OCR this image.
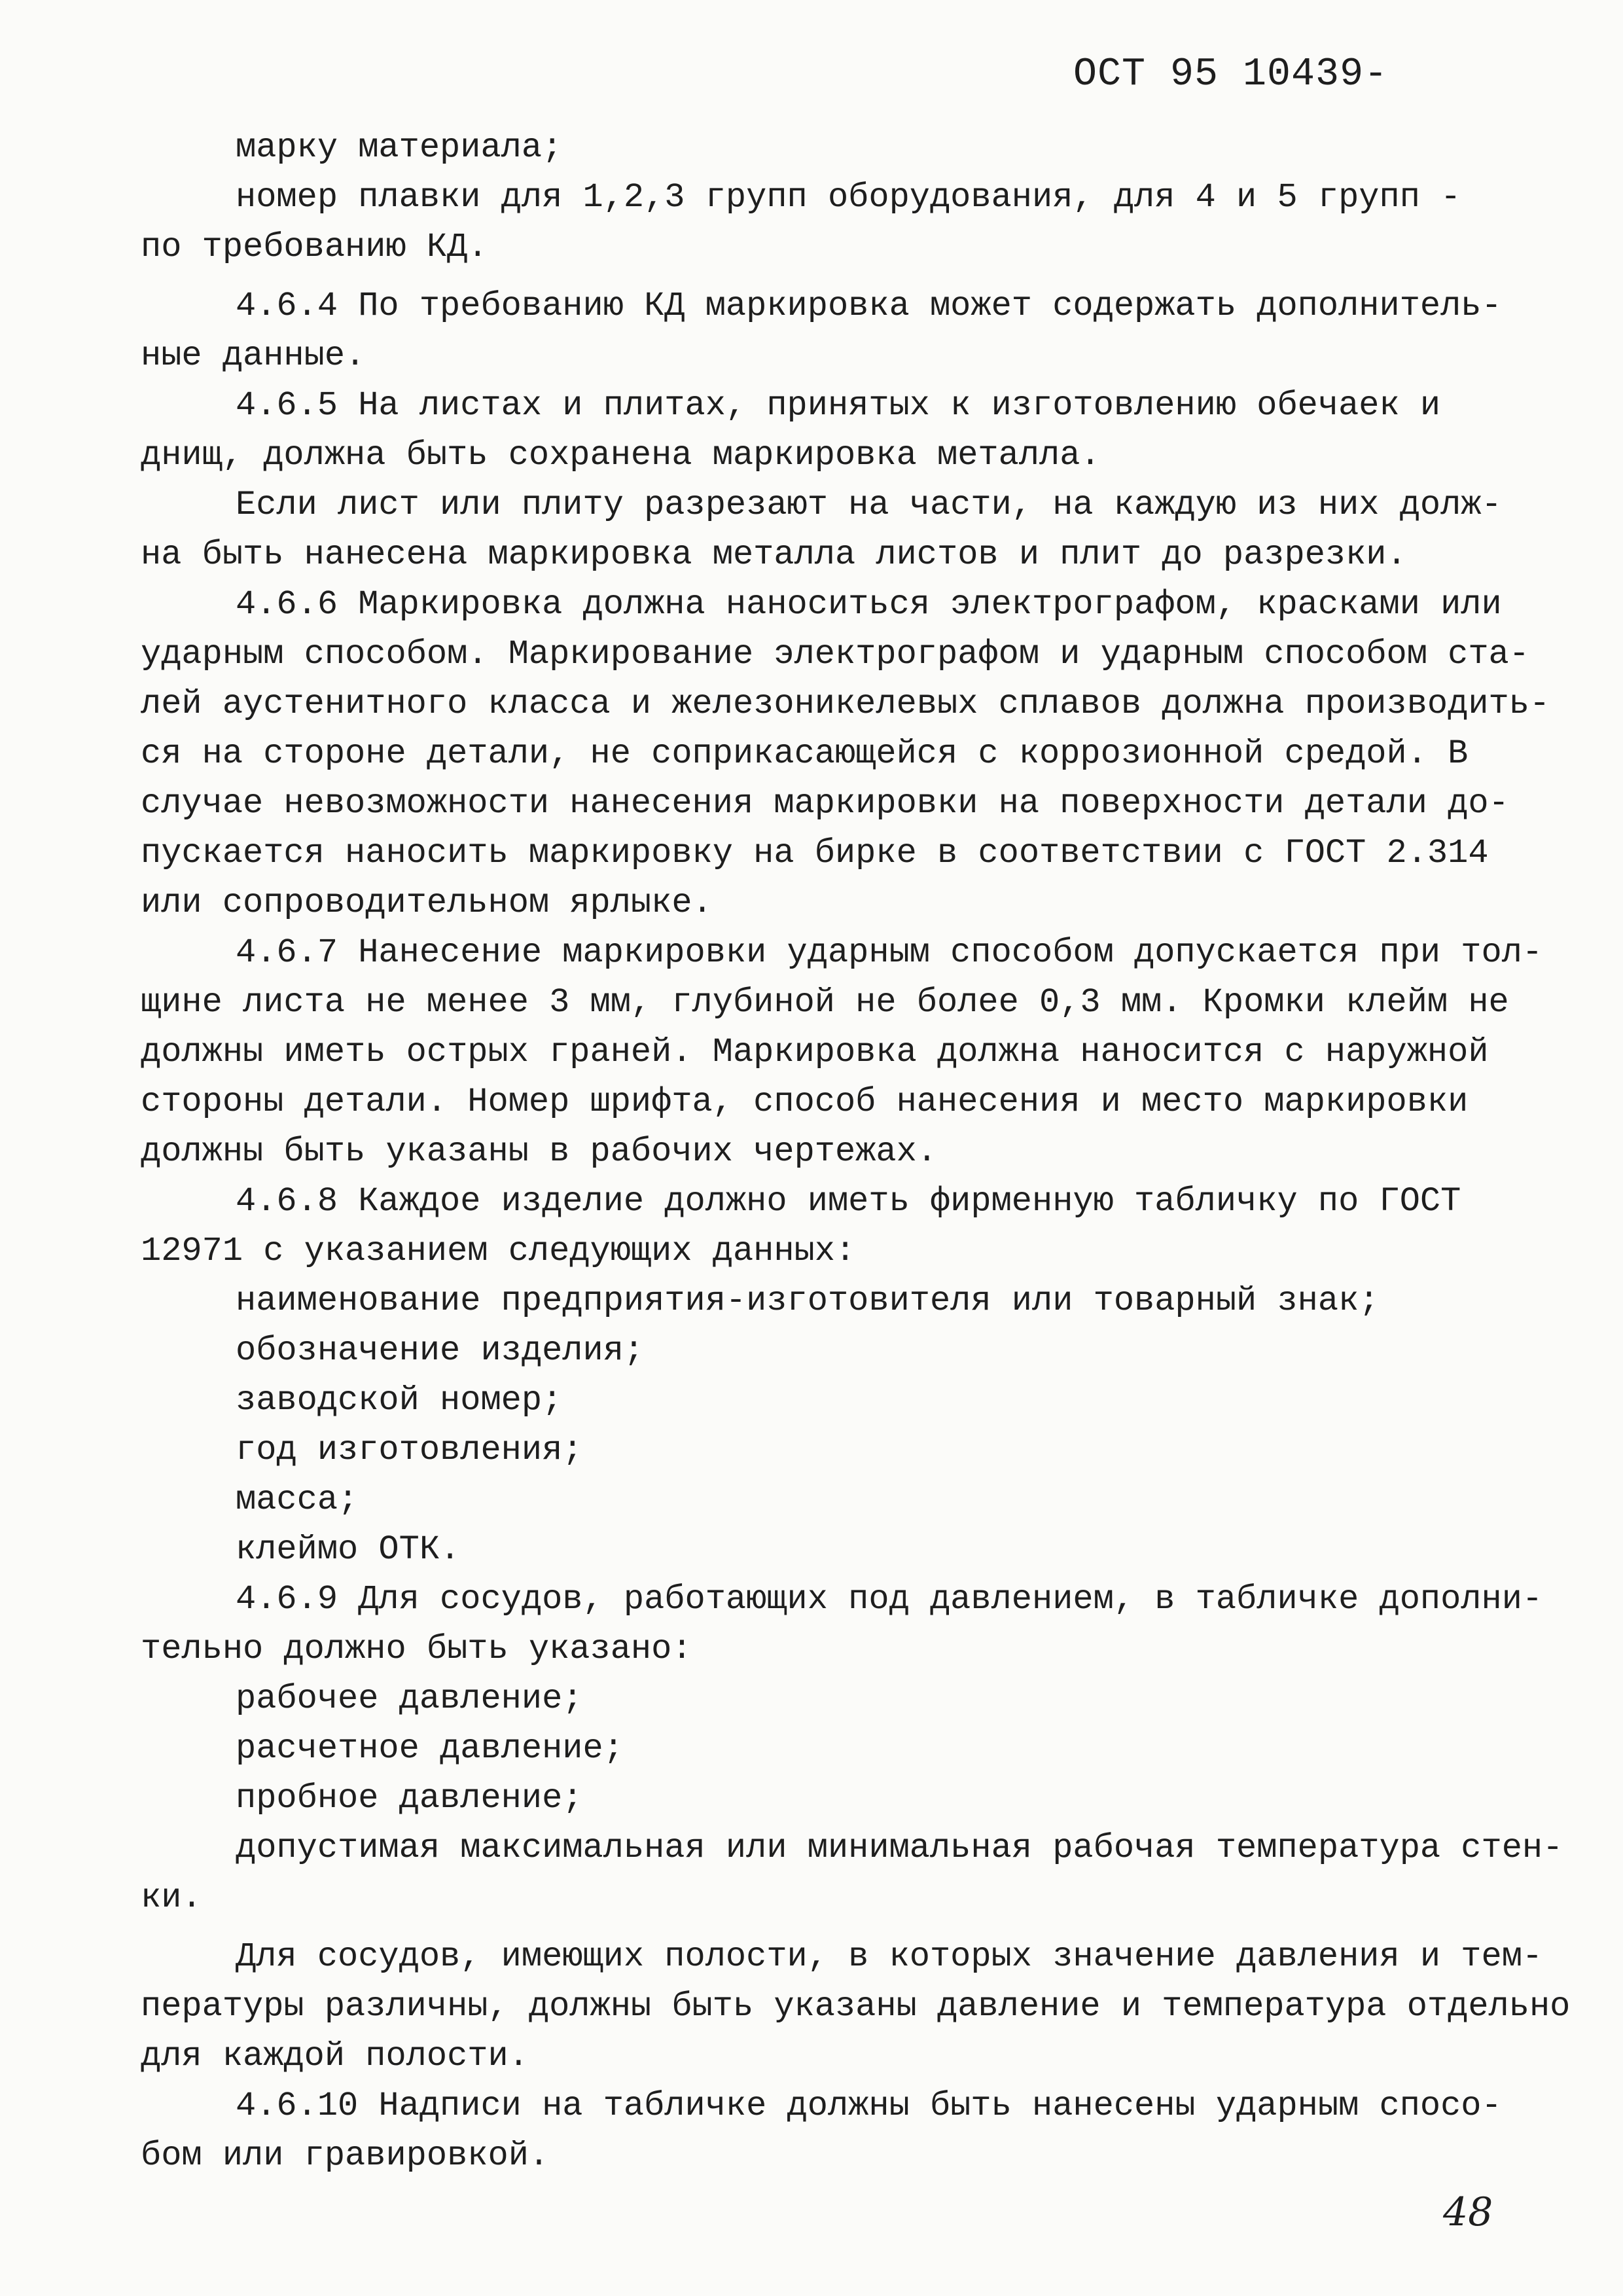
ОСТ 95 10439-
марку материала;
номер плавки для 1,2,3 групп оборудования, для 4 и 5 групп -
по требованию КД.
4.6.4 По требованию КД маркировка может содержать дополнитель-
ные данные.
4.6.5 На листах и плитах, принятых к изготовлению обечаек и
днищ, должна быть сохранена маркировка металла.
Если лист или плиту разрезают на части, на каждую из них долж-
на быть нанесена маркировка металла листов и плит до разрезки.
4.6.6 Маркировка должна наноситься электрографом, красками или
ударным способом. Маркирование электрографом и ударным способом ста-
лей аустенитного класса и железоникелевых сплавов должна производить-
ся на стороне детали, не соприкасающейся с коррозионной средой. В
случае невозможности нанесения маркировки на поверхности детали до-
пускается наносить маркировку на бирке в соответствии с ГОСТ 2.314
или сопроводительном ярлыке.
4.6.7 Нанесение маркировки ударным способом допускается при тол-
щине листа не менее 3 мм, глубиной не более 0,3 мм. Кромки клейм не
должны иметь острых граней. Маркировка должна наносится с наружной
стороны детали. Номер шрифта, способ нанесения и место маркировки
должны быть указаны в рабочих чертежах.
4.6.8 Каждое изделие должно иметь фирменную табличку по ГОСТ
12971 с указанием следующих данных:
наименование предприятия-изготовителя или товарный знак;
обозначение изделия;
заводской номер;
год изготовления;
масса;
клеймо ОТК.
4.6.9 Для сосудов, работающих под давлением, в табличке дополни-
тельно должно быть указано:
рабочее давление;
расчетное давление;
пробное давление;
допустимая максимальная или минимальная рабочая температура стен-
ки.
Для сосудов, имеющих полости, в которых значение давления и тем-
пературы различны, должны быть указаны давление и температура отдельно
для каждой полости.
4.6.10 Надписи на табличке должны быть нанесены ударным спосо-
бом или гравировкой.
48
